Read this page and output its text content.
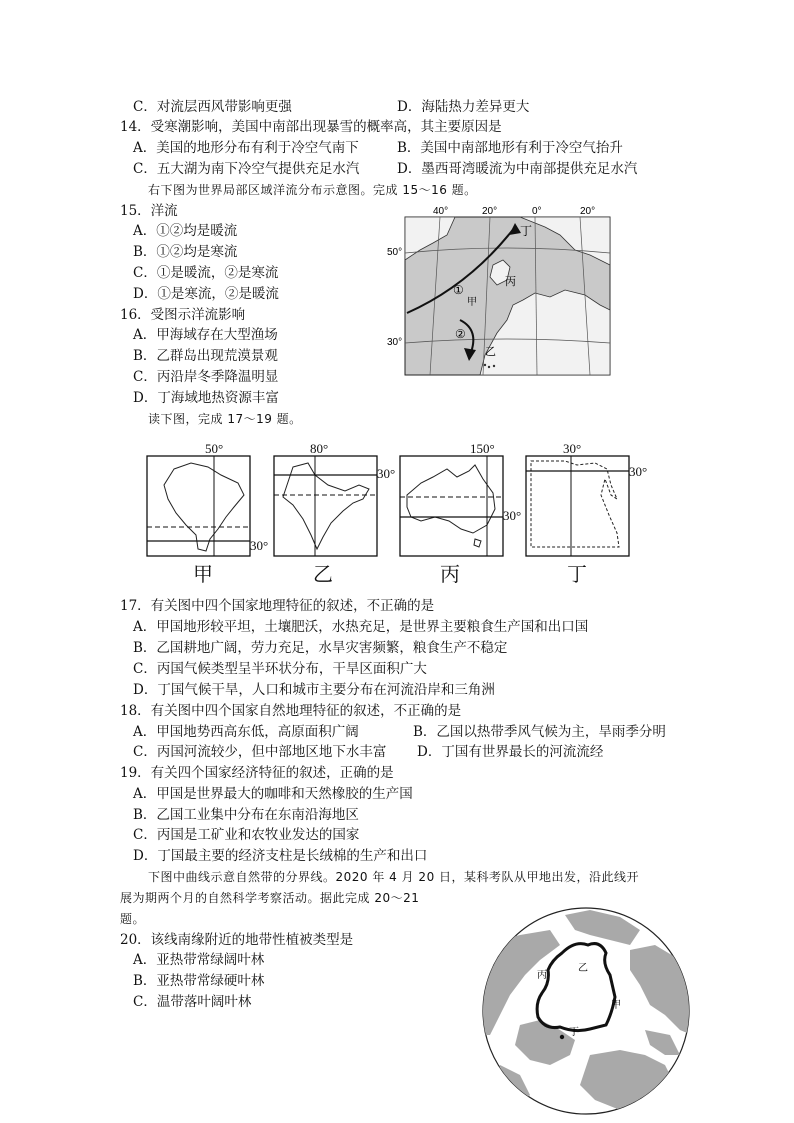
C．对流层西风带影响更强	D．海陆热力差异更大
14．受寒潮影响，美国中南部出现暴雪的概率高，其主要原因是
A．美国的地形分布有利于冷空气南下	B．美国中南部地形有利于冷空气抬升
C．五大湖为南下冷空气提供充足水汽	D．墨西哥湾暖流为中南部提供充足水汽
右下图为世界局部区域洋流分布示意图。完成 15～16 题。
15．洋流
A．①②均是暖流
B．①②均是寒流
C．①是暖流，②是寒流
D．①是寒流，②是暖流
16．受图示洋流影响
A．甲海域存在大型渔场
B．乙群岛出现荒漠景观
C．丙沿岸冬季降温明显
D．丁海域地热资源丰富
40°	20°	0°	20°
50°
30°
丁
丙
甲
乙
①
②
读下图，完成 17～19 题。
50°
30°
甲
80°
30°
乙
150°
30°
丙
30°
30°
丁
17．有关图中四个国家地理特征的叙述，不正确的是
A．甲国地形较平坦，土壤肥沃，水热充足，是世界主要粮食生产国和出口国
B．乙国耕地广阔，劳力充足，水旱灾害频繁，粮食生产不稳定
C．丙国气候类型呈半环状分布，干旱区面积广大
D．丁国气候干旱，人口和城市主要分布在河流沿岸和三角洲
18．有关图中四个国家自然地理特征的叙述，不正确的是
A．甲国地势西高东低，高原面积广阔	B．乙国以热带季风气候为主，旱雨季分明
C．丙国河流较少，但中部地区地下水丰富 D．丁国有世界最长的河流流经
19．有关四个国家经济特征的叙述，正确的是
A．甲国是世界最大的咖啡和天然橡胶的生产国
B．乙国工业集中分布在东南沿海地区
C．丙国是工矿业和农牧业发达的国家
D．丁国最主要的经济支柱是长绒棉的生产和出口
下图中曲线示意自然带的分界线。2020 年 4 月 20 日，某科考队从甲地出发，沿此线开
展为期两个月的自然科学考察活动。据此完成 20～21
题。
20．该线南缘附近的地带性植被类型是
A．亚热带常绿阔叶林
B．亚热带常绿硬叶林
C．温带落叶阔叶林
丙
乙
甲
丁
